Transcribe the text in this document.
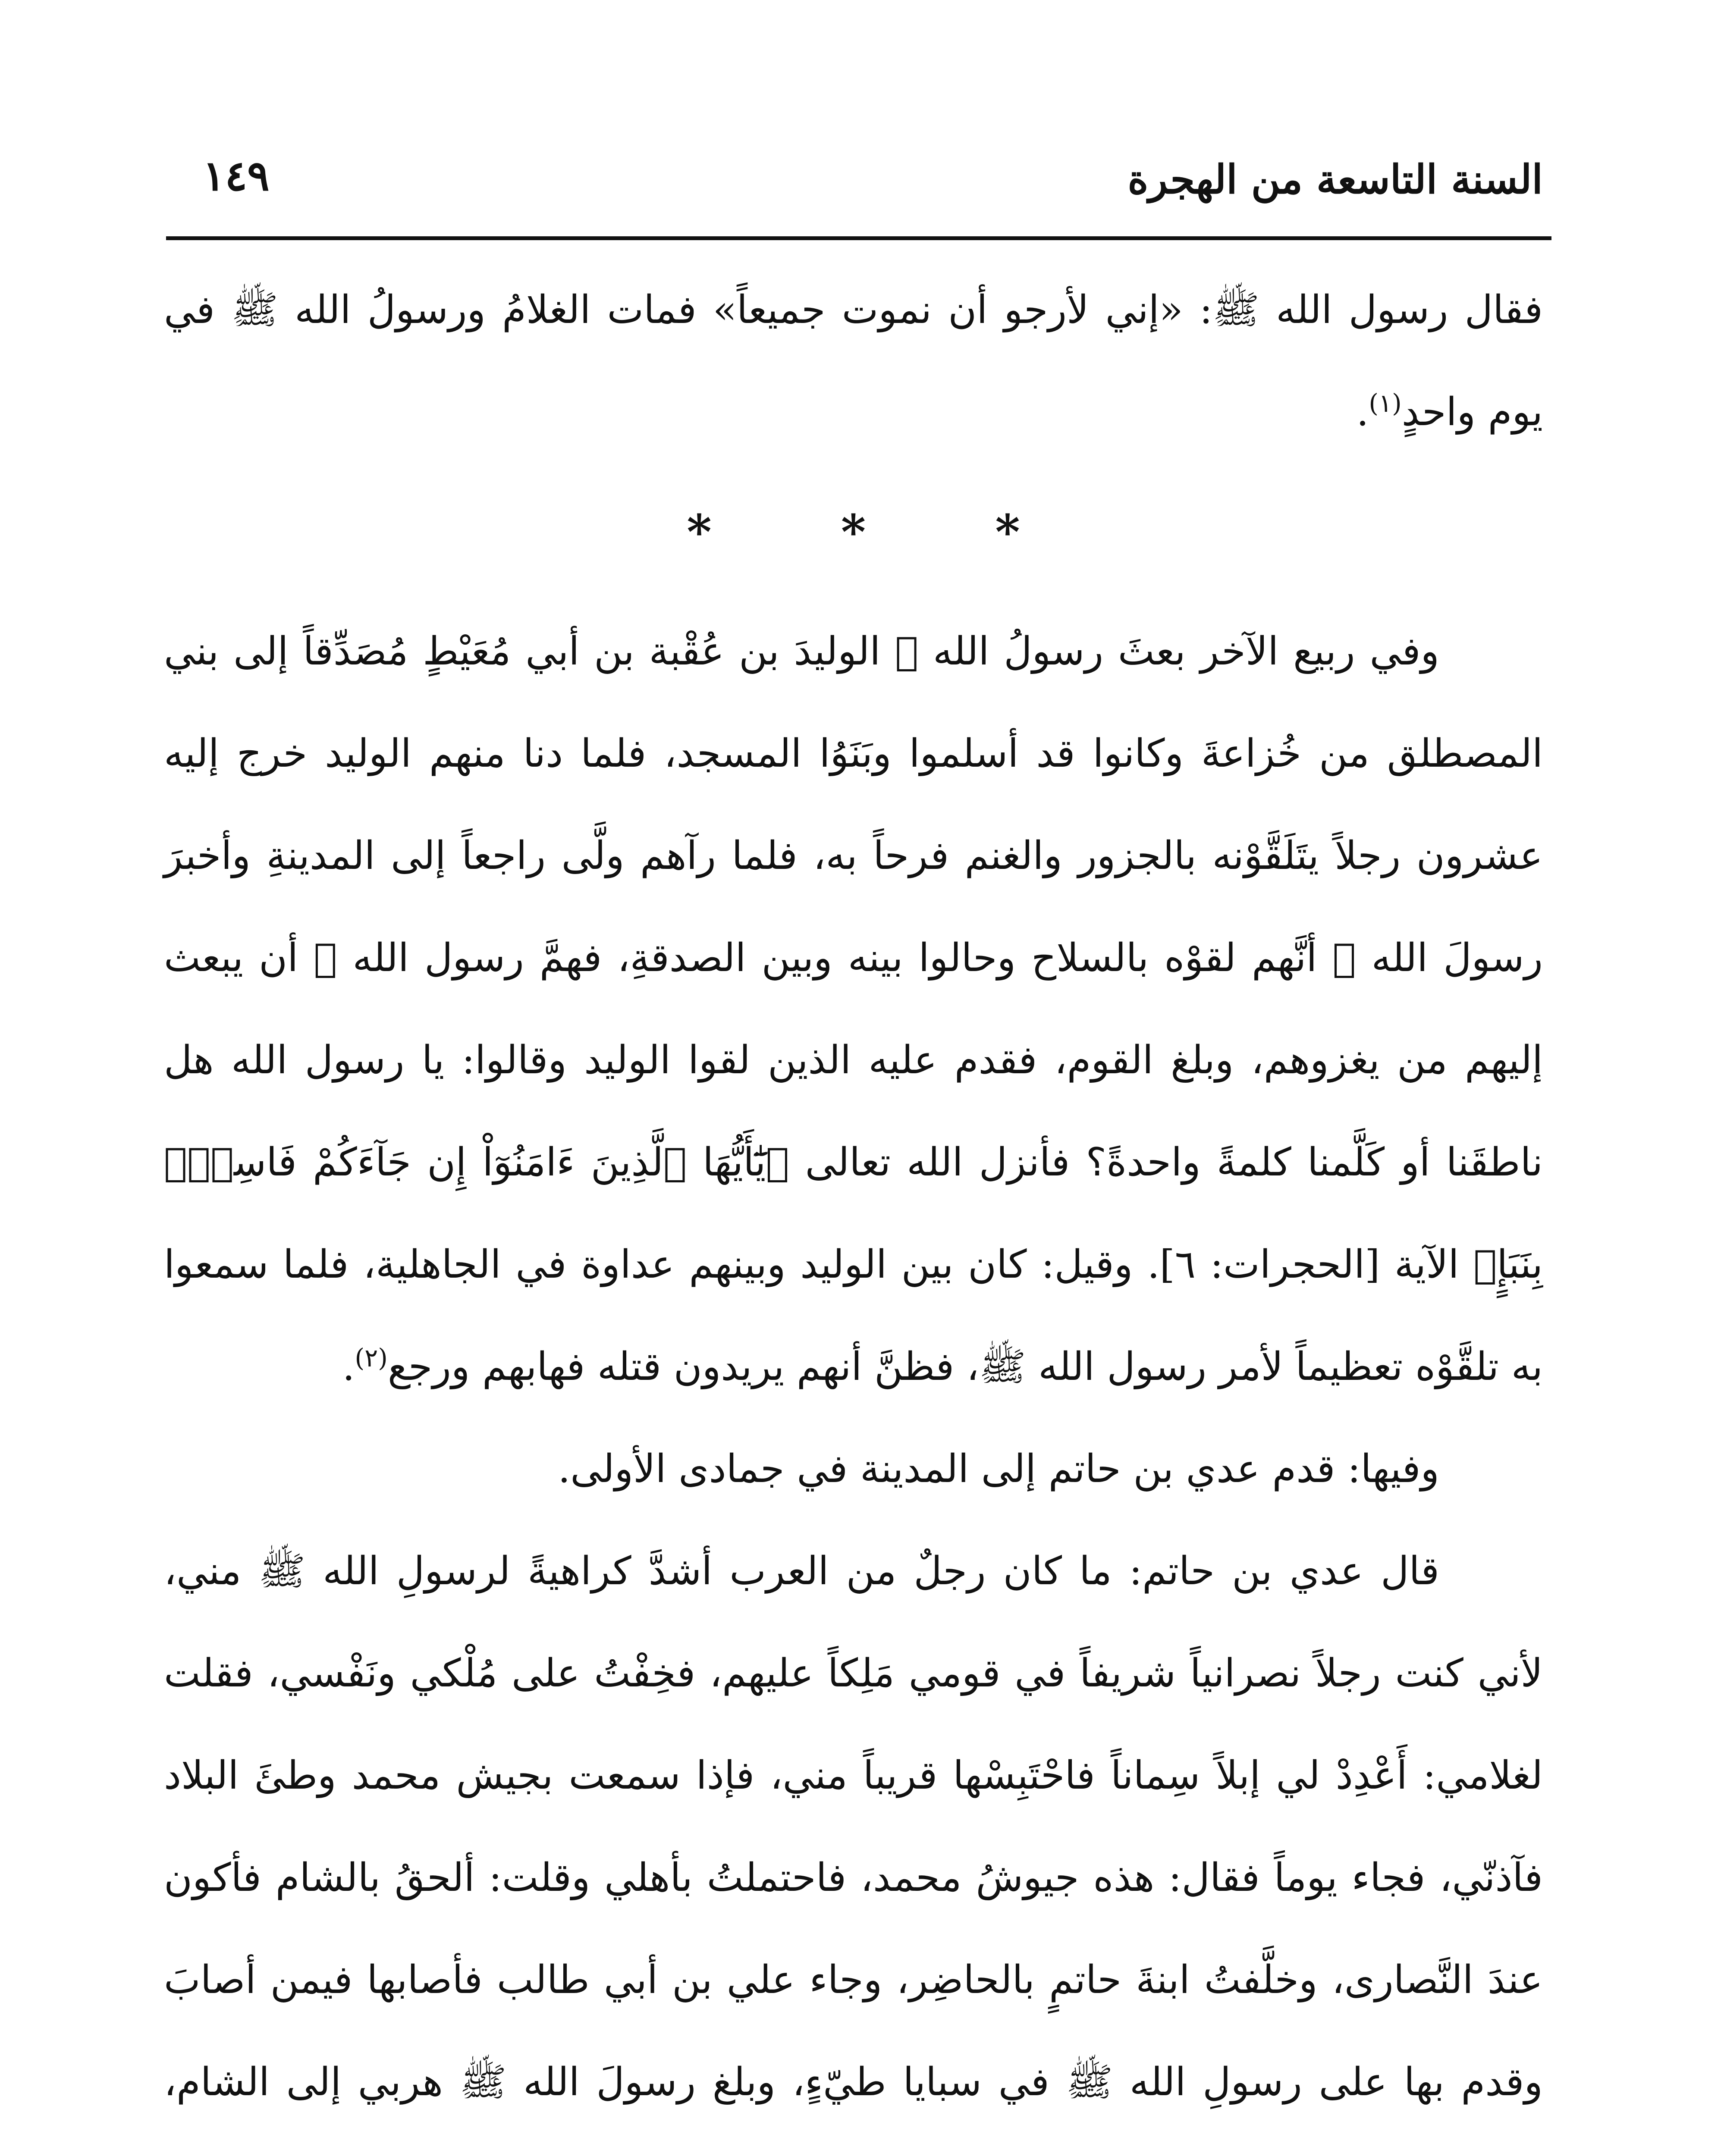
السنة التاسعة من الهجرة
١٤٩

فقال رسول الله ﷺ: «إني لأرجو أن نموت جميعاً» فمات الغلامُ ورسولُ الله ﷺ في يوم واحدٍ$^{(١)}$.

*
*
*

وفي ربيع الآخر بعثَ رسولُ الله ﷺ الوليدَ بن عُقْبة بن أبي مُعَيْطٍ مُصَدِّقاً إلى بني المصطلق من خُزاعةَ وكانوا قد أسلموا وبَنَوُا المسجد، فلما دنا منهم الوليد خرج إليه عشرون رجلاً يتَلَقَّوْنه بالجزور والغنم فرحاً به، فلما رآهم ولَّى راجعاً إلى المدينةِ وأخبرَ رسولَ الله ﷺ أنَّهم لقوْه بالسلاح وحالوا بينه وبين الصدقةِ، فهمَّ رسول الله ﷺ أن يبعث إليهم من يغزوهم، وبلغ القوم، فقدم عليه الذين لقوا الوليد وقالوا: يا رسول الله هل ناطقَنا أو كَلَّمنا كلمةً واحدةً؟ فأنزل الله تعالى ﴿يَٰٓأَيُّهَا ٱلَّذِينَ ءَامَنُوٓاْ إِن جَآءَكُمْ فَاسِقُۢ بِنَبَإٍ﴾ الآية [الحجرات: ٦]. وقيل: كان بين الوليد وبينهم عداوة في الجاهلية، فلما سمعوا به تلقَّوْه تعظيماً لأمر رسول الله ﷺ، فظنَّ أنهم يريدون قتله فهابهم ورجع$^{(٢)}$.

وفيها: قدم عدي بن حاتم إلى المدينة في جمادى الأولى.

قال عدي بن حاتم: ما كان رجلٌ من العرب أشدَّ كراهيةً لرسولِ الله ﷺ مني، لأني كنت رجلاً نصرانياً شريفاً في قومي مَلِكاً عليهم، فخِفْتُ على مُلْكي ونَفْسي، فقلت لغلامي: أَعْدِدْ لي إبلاً سِماناً فاحْتَبِسْها قريباً مني، فإذا سمعت بجيش محمد وطئَ البلاد فآذنّي، فجاء يوماً فقال: هذه جيوشُ محمد، فاحتملتُ بأهلي وقلت: ألحقُ بالشام فأكون عندَ النَّصارى، وخلَّفتُ ابنةَ حاتمٍ بالحاضِر، وجاء علي بن أبي طالب فأصابها فيمن أصابَ وقدم بها على رسولِ الله ﷺ في سبايا طيّءٍ، وبلغ رسولَ الله ﷺ هربي إلى الشام،
